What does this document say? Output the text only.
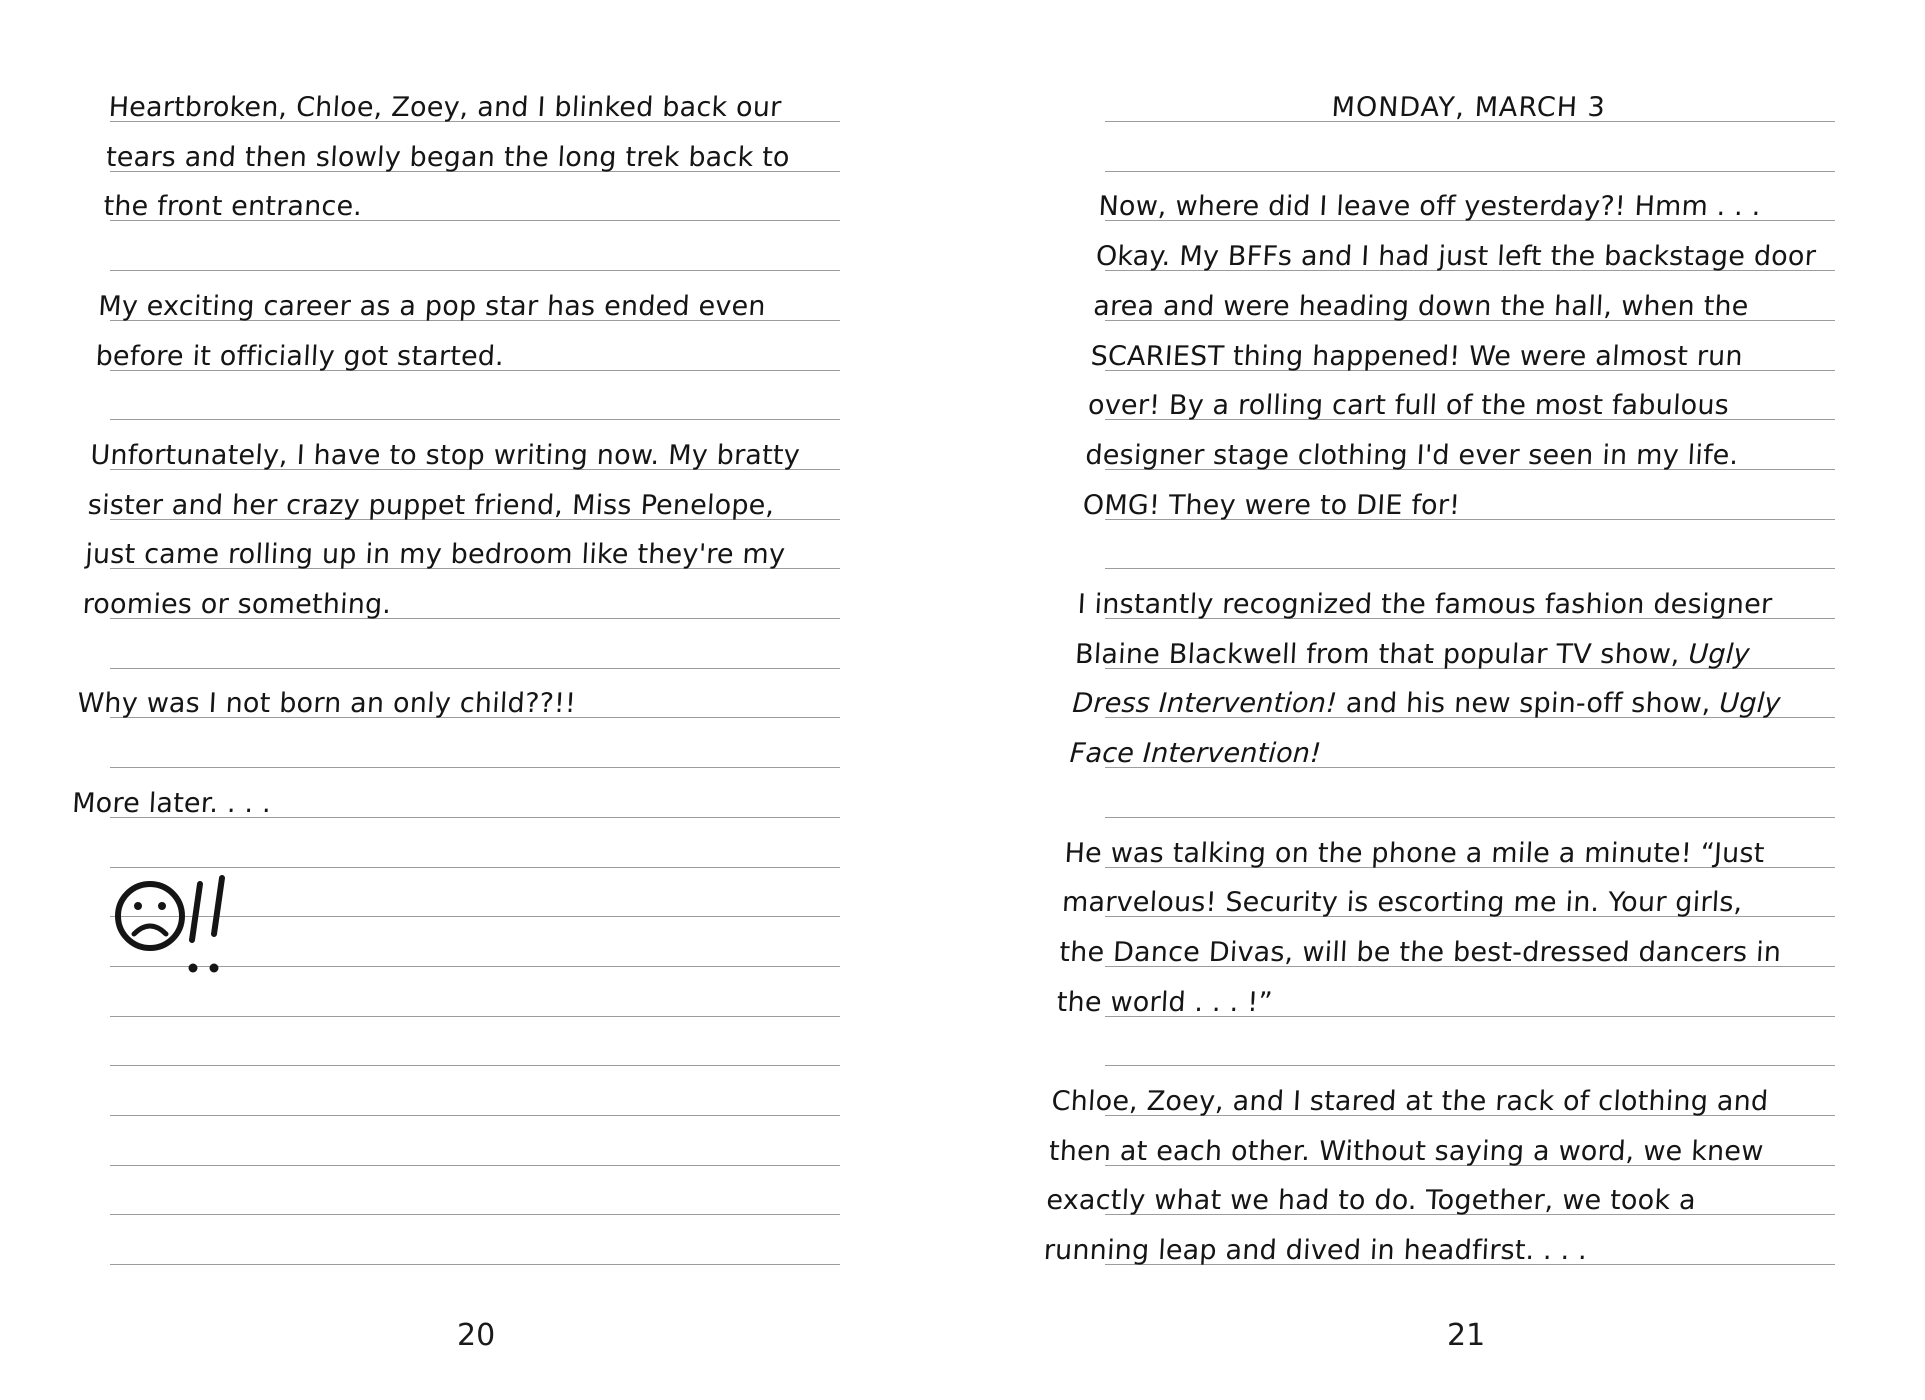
Heartbroken, Chloe, Zoey, and I blinked back our tears and then slowly began the long trek back to the front entrance.

My exciting career as a pop star has ended even before it officially got started.

Unfortunately, I have to stop writing now. My bratty sister and her crazy puppet friend, Miss Penelope, just came rolling up in my bedroom like they're my roomies or something.

Why was I not born an only child??!!

More later. . . .

20

MONDAY, MARCH 3

Now, where did I leave off yesterday?! Hmm . . . Okay. My BFFs and I had just left the backstage door area and were heading down the hall, when the SCARIEST thing happened! We were almost run over! By a rolling cart full of the most fabulous designer stage clothing I'd ever seen in my life. OMG! They were to DIE for!

I instantly recognized the famous fashion designer Blaine Blackwell from that popular TV show, Ugly Dress Intervention! and his new spin-off show, Ugly Face Intervention!

He was talking on the phone a mile a minute! “Just marvelous! Security is escorting me in. Your girls, the Dance Divas, will be the best-dressed dancers in the world . . . !”

Chloe, Zoey, and I stared at the rack of clothing and then at each other. Without saying a word, we knew exactly what we had to do. Together, we took a running leap and dived in headfirst. . . .

21
